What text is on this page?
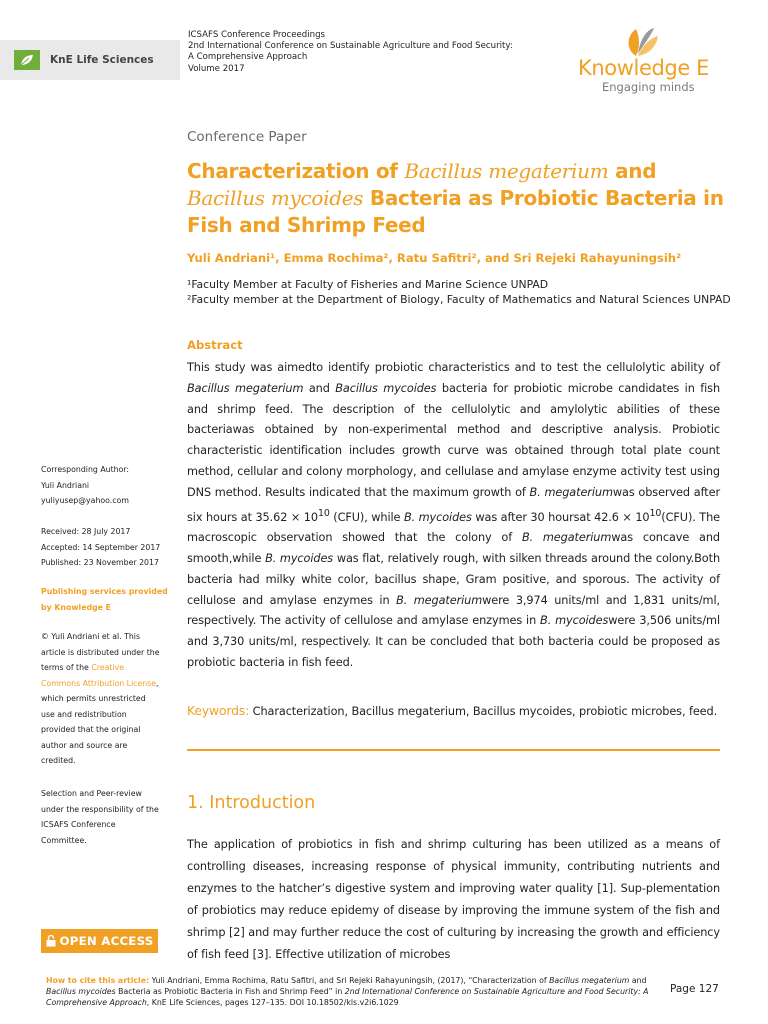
KnE Life Sciences
ICSAFS Conference Proceedings
2nd International Conference on Sustainable Agriculture and Food Security:
A Comprehensive Approach
Volume 2017	Knowledge E
Engaging minds
Conference Paper
Characterization of Bacillus megaterium and
Bacillus mycoides Bacteria as Probiotic Bacteria in Fish and Shrimp Feed
Yuli Andriani¹, Emma Rochima², Ratu Safitri², and Sri Rejeki Rahayuningsih²
¹Faculty Member at Faculty of Fisheries and Marine Science UNPAD
²Faculty member at the Department of Biology, Faculty of Mathematics and Natural Sciences UNPAD
Abstract

This study was aimedto identify probiotic characteristics and to test the cellulolytic ability of Bacillus megaterium and Bacillus mycoides bacteria for probiotic microbe candidates in fish and shrimp feed. The description of the cellulolytic and amylolytic abilities of these bacteriawas obtained by non-experimental method and descriptive analysis. Probiotic characteristic identification includes growth curve was obtained through total plate count method, cellular and colony morphology, and cellulase and amylase enzyme activity test using DNS method. Results indicated that the maximum growth of B. megateriumwas observed after six hours at $35.62 \times 10^{10}$ (CFU), while B. mycoides was after 30 hoursat $42.6 \times 10^{10}(CFU)$. The macroscopic observation showed that the colony of B. megateriumwas concave and smooth,while B. mycoides was flat, relatively rough, with silken threads around the colony.Both bacteria had milky white color, bacillus shape, Gram positive, and sporous. The activity of cellulose and amylase enzymes in B. megateriumwere 3,974 units/ml and 1,831 units/ml, respectively. The activity of cellulose and amylase enzymes in B. mycoideswere 3,506 units/ml and 3,730 units/ml, respectively. It can be concluded that both bacteria could be proposed as probiotic bacteria in fish feed.

Keywords: Characterization, Bacillus megaterium, Bacillus mycoides, probiotic microbes, feed.

1. Introduction

The application of probiotics in fish and shrimp culturing has been utilized as a means of controlling diseases, increasing response of physical immunity, contributing nutrients and enzymes to the hatcher’s digestive system and improving water quality [1]. Sup-plementation of probiotics may reduce epidemy of disease by improving the immune system of the fish and shrimp [2] and may further reduce the cost of culturing by increasing the growth and efficiency of fish feed [3]. Effective utilization of microbes

Corresponding Author:
Yuli Andriani
yuliyusep@yahoo.com
Received: 28 July 2017
Accepted: 14 September 2017
Published: 23 November 2017
Publishing services provided
by Knowledge E
© Yuli Andriani et al. This
article is distributed under the
terms of the Creative
Commons Attribution License,
which permits unrestricted
use and redistribution
provided that the original
author and source are
credited.
Selection and Peer-review
under the responsibility of the
ICSAFS Conference
Committee.
OPEN ACCESS

How to cite this article: Yuli Andriani, Emma Rochima, Ratu Safitri, and Sri Rejeki Rahayuningsih, (2017), “Characterization of Bacillus megaterium and Bacillus mycoides Bacteria as Probiotic Bacteria in Fish and Shrimp Feed” in 2nd International Conference on Sustainable Agriculture and Food Security: A Comprehensive Approach, KnE Life Sciences, pages 127–135. DOI 10.18502/kls.v2i6.1029

Page 127
